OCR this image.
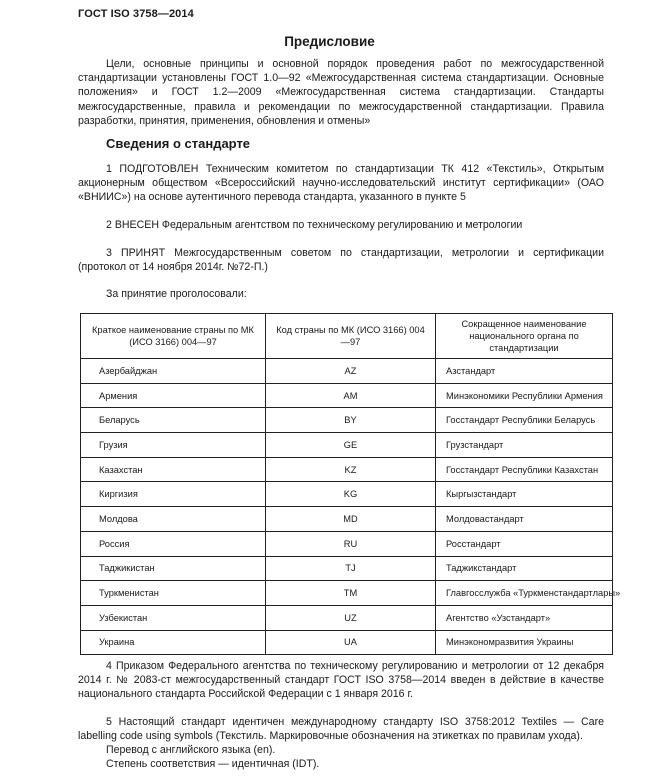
ГОСТ ISO 3758—2014
Предисловие

Цели, основные принципы и основной порядок проведения работ по межгосударственной стандартизации установлены ГОСТ 1.0—92 «Межгосударственная система стандартизации. Основные положения» и ГОСТ 1.2—2009 «Межгосударственная система стандартизации. Стандарты межгосударственные, правила и рекомендации по межгосударственной стандартизации. Правила разработки, принятия, применения, обновления и отмены»

Сведения о стандарте

1 ПОДГОТОВЛЕН Техническим комитетом по стандартизации ТК 412 «Текстиль», Открытым акционерным обществом «Всероссийский научно-исследовательский институт сертификации» (ОАО «ВНИИС») на основе аутентичного перевода стандарта, указанного в пункте 5

2 ВНЕСЕН Федеральным агентством по техническому регулированию и метрологии

3 ПРИНЯТ Межгосударственным советом по стандартизации, метрологии и сертификации (протокол от 14 ноября 2014г. №72-П.)

За принятие проголосовали:
Краткое наименование страны по МК (ИСО 3166) 004—97	Код страны по МК (ИСО 3166) 004—97	Сокращенное наименование национального органа по стандартизации
Азербайджан	AZ	Азстандарт
Армения	AM	Минэкономики Республики Армения
Беларусь	BY	Госстандарт Республики Беларусь
Грузия	GE	Грузстандарт
Казахстан	KZ	Госстандарт Республики Казахстан
Киргизия	KG	Кыргызстандарт
Молдова	MD	Молдовастандарт
Россия	RU	Росстандарт
Таджикистан	TJ	Таджикстандарт
Туркменистан	TM	Главгосслужба «Туркменстандартлары»
Узбекистан	UZ	Агентство «Узстандарт»
Украина	UA	Минэкономразвития Украины

4 Приказом Федерального агентства по техническому регулированию и метрологии от 12 декабря 2014 г. № 2083-ст межгосударственный стандарт ГОСТ ISO 3758—2014 введен в действие в качестве национального стандарта Российской Федерации с 1 января 2016 г.

5 Настоящий стандарт идентичен международному стандарту ISO 3758:2012 Textiles — Care labelling code using symbols (Текстиль. Маркировочные обозначения на этикетках по правилам ухода).

Перевод с английского языка (en).
Степень соответствия — идентичная (IDT).
